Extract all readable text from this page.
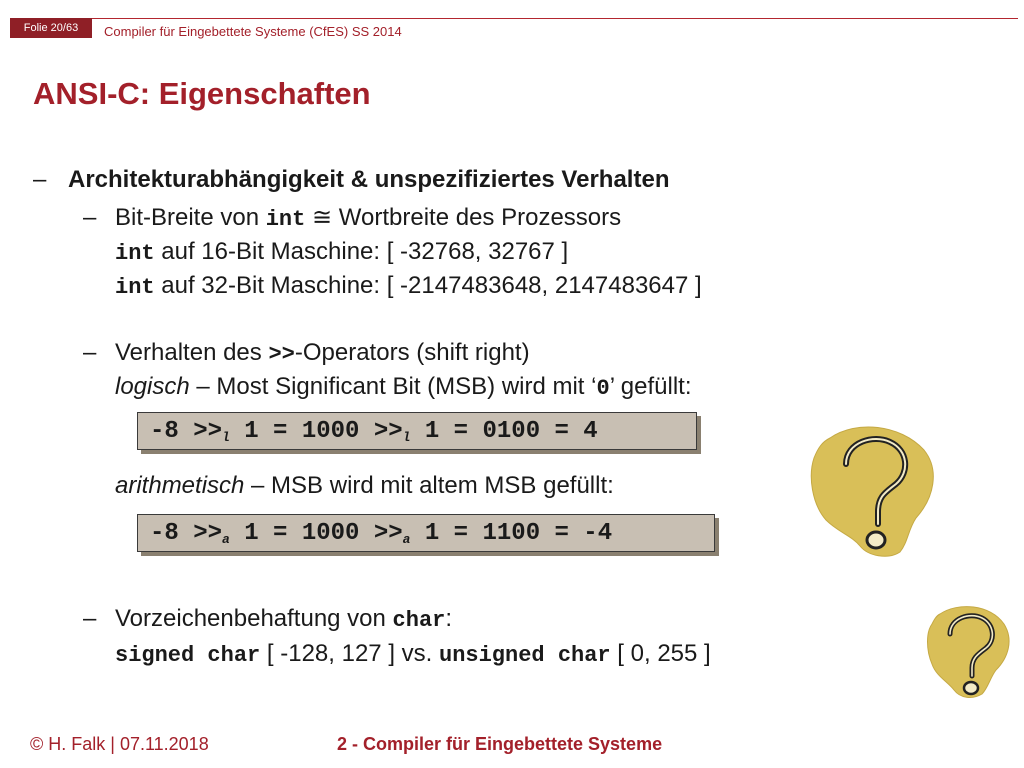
Folie 20/63	Compiler für Eingebettete Systeme (CfES) SS 2014
ANSI-C: Eigenschaften
– Architekturabhängigkeit & unspezifiziertes Verhalten
– Bit-Breite von int ≅ Wortbreite des Prozessors
int auf 16-Bit Maschine: [ -32768, 32767 ]
int auf 32-Bit Maschine: [ -2147483648, 2147483647 ]
– Verhalten des >>-Operators (shift right)
logisch – Most Significant Bit (MSB) wird mit ‘0’ gefüllt:
$-8 >>_l$ $1 = 1000 >>_l$ 1 = 0100 = 4
arithmetisch – MSB wird mit altem MSB gefüllt:
$-8 >>_a$ $1 = 1000 >>_a$ 1 = 1100 = -4
– Vorzeichenbehaftung von char:
signed char [ -128, 127 ] vs. unsigned char [ 0, 255 ]
© H. Falk | 07.11.2018	2 - Compiler für Eingebettete Systeme
